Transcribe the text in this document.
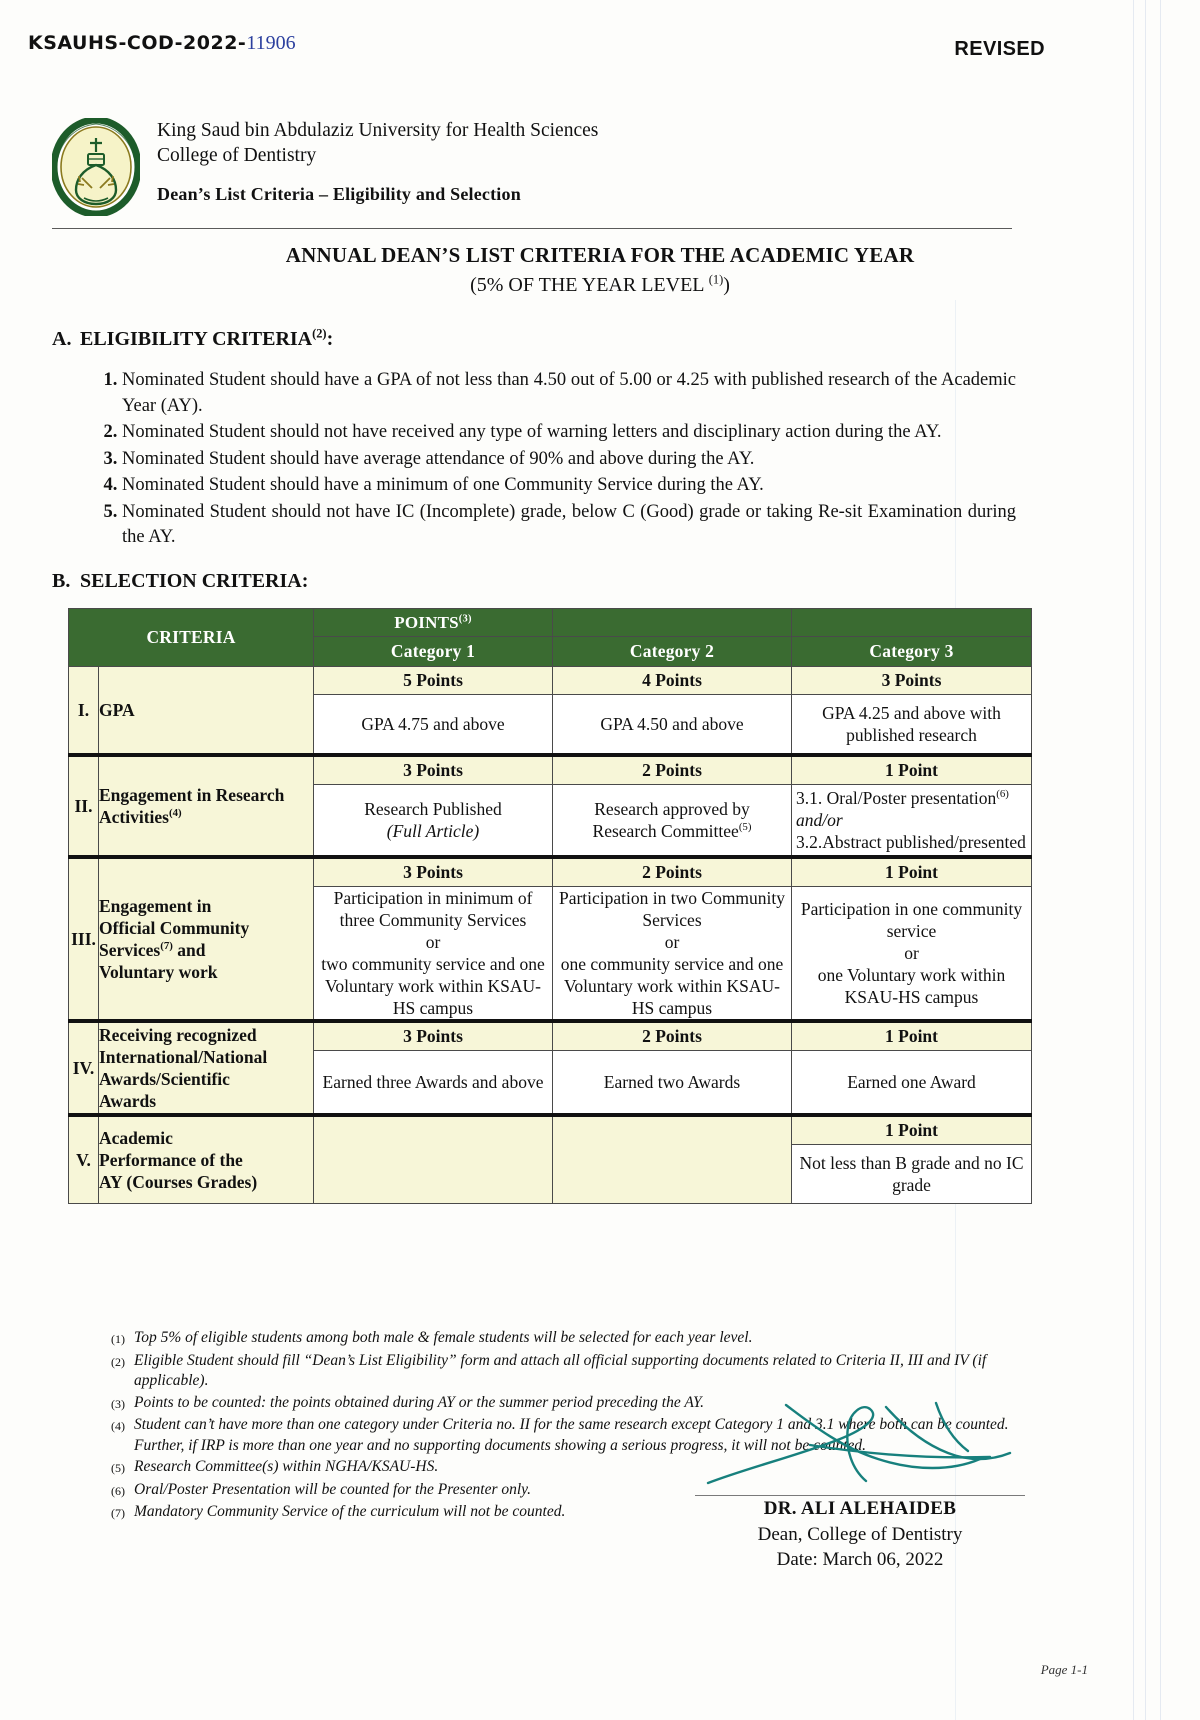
KSAUHS-COD-2022-11906	REVISED
King Saud bin Abdulaziz University for Health Sciences
College of Dentistry
Dean’s List Criteria – Eligibility and Selection
ANNUAL DEAN’S LIST CRITERIA FOR THE ACADEMIC YEAR
(5% OF THE YEAR LEVEL $^{(1)}$)
A. ELIGIBILITY CRITERIA$^{(2)}$:
1. Nominated Student should have a GPA of not less than 4.50 out of 5.00 or 4.25 with published research of the Academic Year (AY).
2. Nominated Student should not have received any type of warning letters and disciplinary action during the AY.
3. Nominated Student should have average attendance of 90% and above during the AY.
4. Nominated Student should have a minimum of one Community Service during the AY.
5. Nominated Student should not have IC (Incomplete) grade, below C (Good) grade or taking Re-sit Examination during the AY.
B. SELECTION CRITERIA:
CRITERIA		POINTS$^{(3)}$		
		Category 1	Category 2	Category 3
I.	GPA	5 Points	4 Points	3 Points
		GPA 4.75 and above	GPA 4.50 and above	GPA 4.25 and above with published research
II.	Engagement in Research Activities$^{(4)}$	3 Points	2 Points	1 Point
		Research Published
(Full Article)	Research approved by
Research Committee$^{(5)}$	3.1. Oral/Poster presentation$^{(6)}$
and/or
3.2.Abstract published/presented
III.	Engagement in
Official Community
Services$^{(7)}$ and
Voluntary work	3 Points	2 Points	1 Point
		Participation in minimum of three Community Services
or
two community service and one Voluntary work within KSAU-HS campus	Participation in two Community Services
or
one community service and one Voluntary work within KSAU-HS campus	Participation in one community service
or
one Voluntary work within KSAU-HS campus
IV.	Receiving recognized
International/National
Awards/Scientific
Awards	3 Points	2 Points	1 Point
		Earned three Awards and above	Earned two Awards	Earned one Award
V.	Academic
Performance of the
AY (Courses Grades)			1 Point
				Not less than B grade and no IC grade
(1) Top 5% of eligible students among both male & female students will be selected for each year level.
(2) Eligible Student should fill “Dean’s List Eligibility” form and attach all official supporting documents related to Criteria II, III and IV (if applicable).
(3) Points to be counted: the points obtained during AY or the summer period preceding the AY.
(4) Student can’t have more than one category under Criteria no. II for the same research except Category 1 and 3.1 where both can be counted. Further, if IRP is more than one year and no supporting documents showing a serious progress, it will not be counted.
(5) Research Committee(s) within NGHA/KSAU-HS.
(6) Oral/Poster Presentation will be counted for the Presenter only.
(7) Mandatory Community Service of the curriculum will not be counted.	DR. ALI ALEHAIDEB
Dean, College of Dentistry
Date: March 06, 2022
Page 1-1
